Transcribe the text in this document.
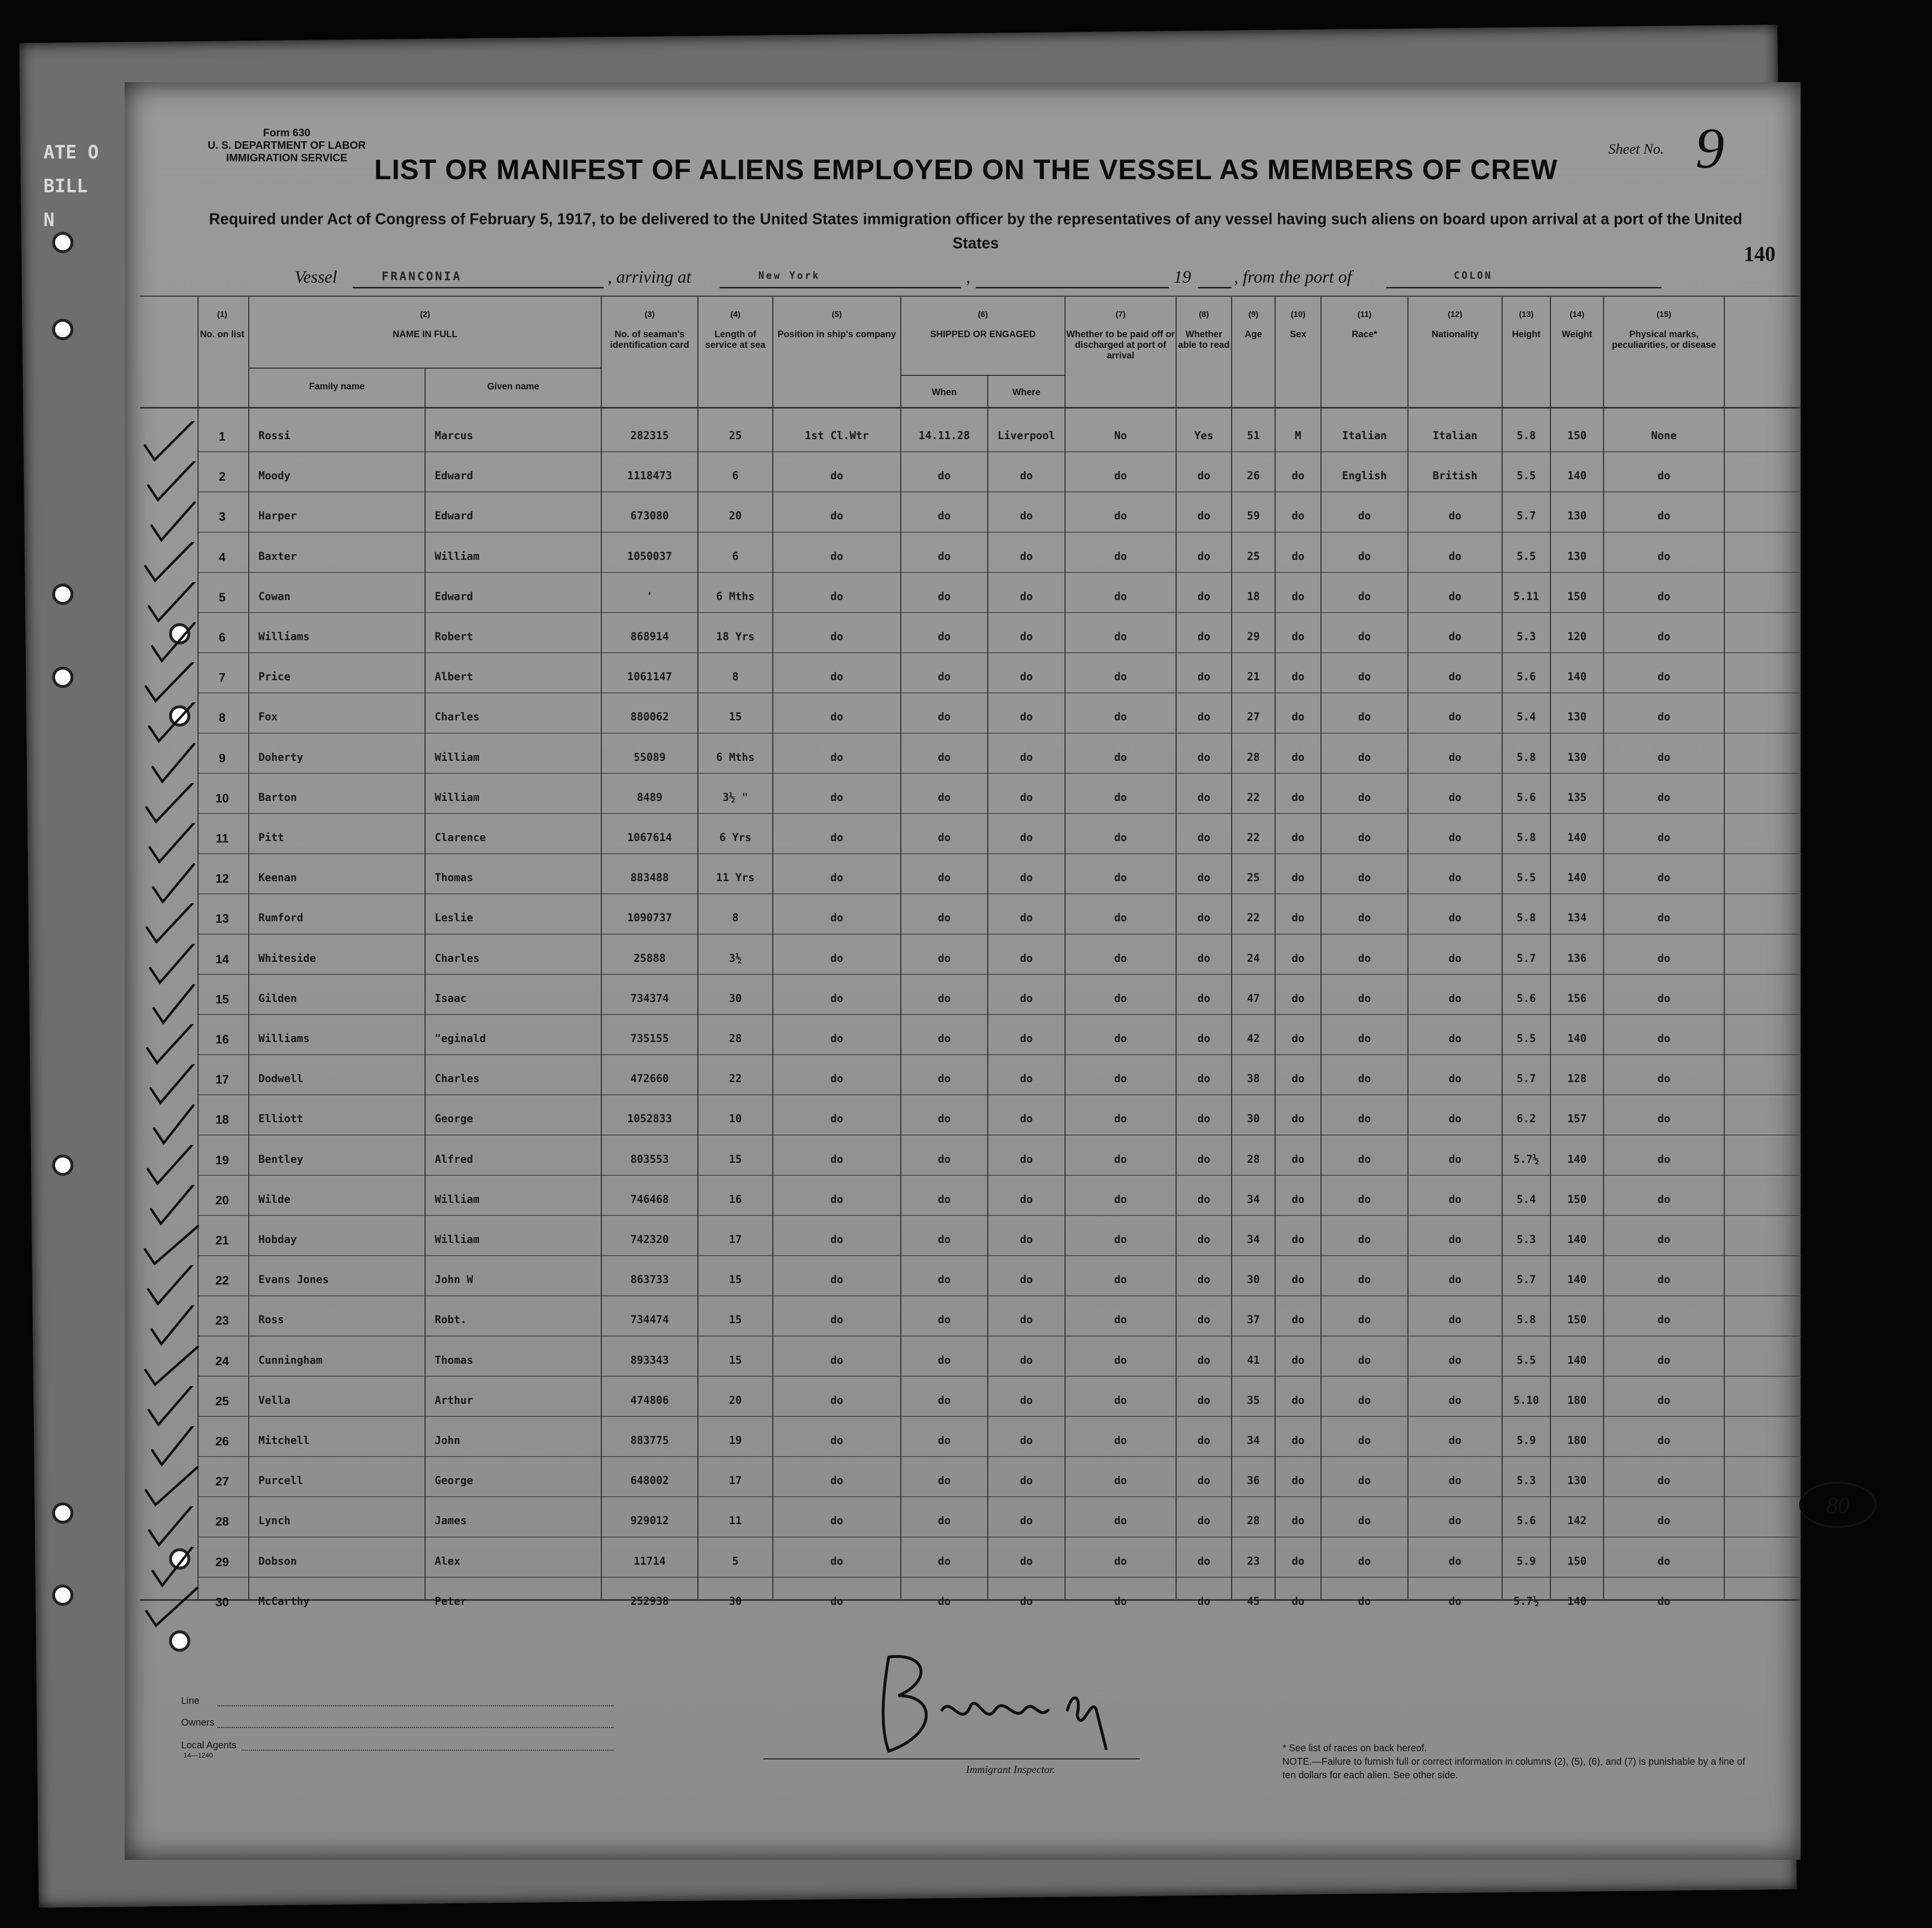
ATE O
BILL N
Form 630
U. S. DEPARTMENT OF LABOR
IMMIGRATION SERVICE
Sheet No. 9
LIST OR MANIFEST OF ALIENS EMPLOYED ON THE VESSEL AS MEMBERS OF CREW
Required under Act of Congress of February 5, 1917, to be delivered to the United States immigration officer by the representatives of any vessel having such aliens on board upon arrival at a port of the United States	140
Vessel	FRANCONIA	, arriving at	New York	,	19 , from the port of	COLON
(1)
No. on list
(2)
NAME IN FULL
Family name	Given name
(3)
No. of seaman's identification card
(4)
Length of service at sea
(5)
Position in ship's company
(6)
SHIPPED OR ENGAGED
When	Where
(7)
Whether to be paid off or discharged at port of arrival
(8)
Whether able to read
(9)
Age
(10)
Sex
(11)
Race*
(12)
Nationality
(13)
Height
(14)
Weight
(15)
Physical marks, peculiarities, or disease
1	Rossi	Marcus	282315	25	1st Cl.Wtr	14.11.28	Liverpool	No	Yes	51	M	Italian	Italian	5.8	150	None
2	Moody	Edward	1118473	6	do	do	do	do	do	26	do	English	British	5.5	140	do
3	Harper	Edward	673080	20	do	do	do	do	do	59	do	do	do	5.7	130	do
4	Baxter	William	1050037	6	do	do	do	do	do	25	do	do	do	5.5	130	do
5	Cowan	Edward	'	6 Mths	do	do	do	do	do	18	do	do	do	5.11	150	do
6	Williams	Robert	868914	18 Yrs	do	do	do	do	do	29	do	do	do	5.3	120	do
7	Price	Albert	1061147	8	do	do	do	do	do	21	do	do	do	5.6	140	do
8	Fox	Charles	880062	15	do	do	do	do	do	27	do	do	do	5.4	130	do
9	Doherty	William	55089	6 Mths	do	do	do	do	do	28	do	do	do	5.8	130	do
10	Barton	William	8489	3½ "	do	do	do	do	do	22	do	do	do	5.6	135	do
11	Pitt	Clarence	1067614	6 Yrs	do	do	do	do	do	22	do	do	do	5.8	140	do
12	Keenan	Thomas	883488	11 Yrs	do	do	do	do	do	25	do	do	do	5.5	140	do
13	Rumford	Leslie	1090737	8	do	do	do	do	do	22	do	do	do	5.8	134	do
14	Whiteside	Charles	25888	3½	do	do	do	do	do	24	do	do	do	5.7	136	do
15	Gilden	Isaac	734374	30	do	do	do	do	do	47	do	do	do	5.6	156	do
16	Williams	"eginald	735155	28	do	do	do	do	do	42	do	do	do	5.5	140	do
17	Dodwell	Charles	472660	22	do	do	do	do	do	38	do	do	do	5.7	128	do
18	Elliott	George	1052833	10	do	do	do	do	do	30	do	do	do	6.2	157	do
19	Bentley	Alfred	803553	15	do	do	do	do	do	28	do	do	do	5.7½	140	do
20	Wilde	William	746468	16	do	do	do	do	do	34	do	do	do	5.4	150	do
21	Hobday	William	742320	17	do	do	do	do	do	34	do	do	do	5.3	140	do
22	Evans Jones	John W	863733	15	do	do	do	do	do	30	do	do	do	5.7	140	do
23	Ross	Robt.	734474	15	do	do	do	do	do	37	do	do	do	5.8	150	do
24	Cunningham	Thomas	893343	15	do	do	do	do	do	41	do	do	do	5.5	140	do
25	Vella	Arthur	474806	20	do	do	do	do	do	35	do	do	do	5.10	180	do
26	Mitchell	John	883775	19	do	do	do	do	do	34	do	do	do	5.9	180	do
27	Purcell	George	648002	17	do	do	do	do	do	36	do	do	do	5.3	130	do
28	Lynch	James	929012	11	do	do	do	do	do	28	do	do	do	5.6	142	do
29	Dobson	Alex	11714	5	do	do	do	do	do	23	do	do	do	5.9	150	do
30	McCarthy	Peter	252938	30	do	do	do	do	do	45	do	do	do	5.7½	140	do
Immigrant Inspector.
Line
Owners
Local Agents
14—1240
* See list of races on back hereof.
NOTE.—Failure to furnish full or correct information in columns (2), (5), (6), and (7) is punishable by a fine of ten dollars for each alien. See other side.
80
